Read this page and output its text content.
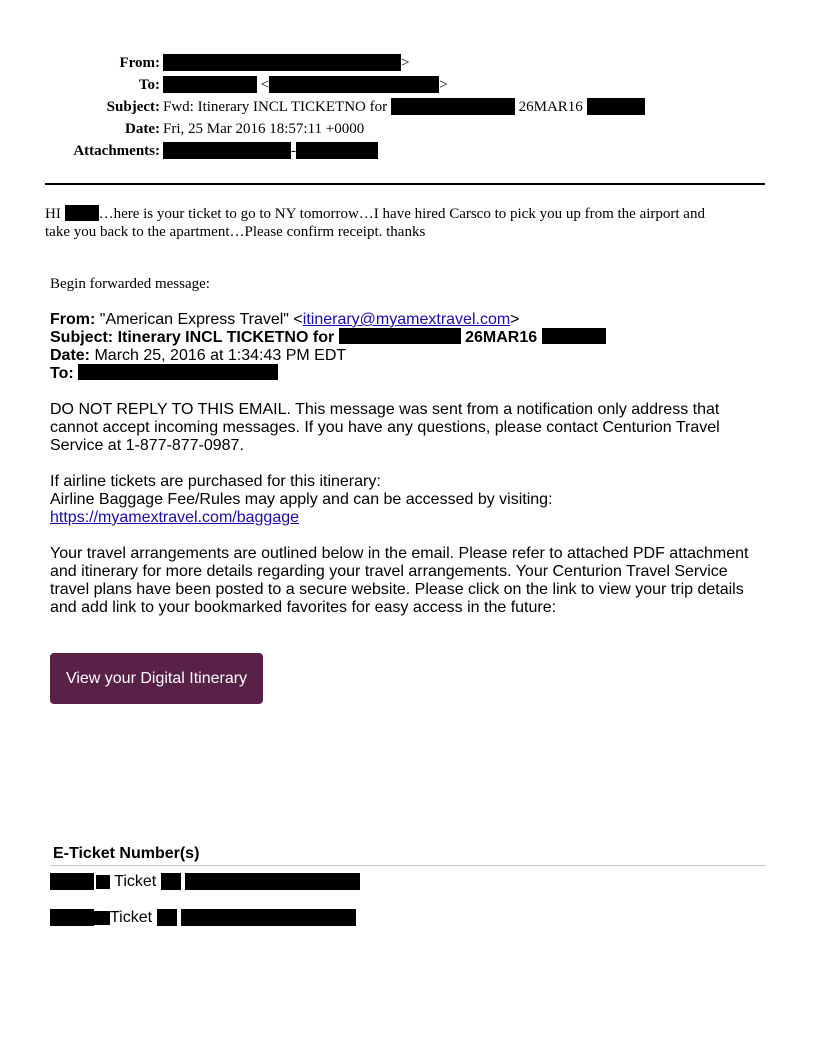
From:	>
To:	<	>
Subject: Fwd: Itinerary INCL TICKETNO for	26MAR16
Date: Fri, 25 Mar 2016 18:57:11 +0000
Attachments:	-
HI	…here is your ticket to go to NY tomorrow…I have hired Carsco to pick you up from the airport and
take you back to the apartment…Please confirm receipt. thanks
Begin forwarded message:
From: "American Express Travel" <itinerary@myamextravel.com>
Subject: Itinerary INCL TICKETNO for	26MAR16
Date: March 25, 2016 at 1:34:43 PM EDT
To:
DO NOT REPLY TO THIS EMAIL. This message was sent from a notification only address that
cannot accept incoming messages. If you have any questions, please contact Centurion Travel
Service at 1-877-877-0987.
If airline tickets are purchased for this itinerary:
Airline Baggage Fee/Rules may apply and can be accessed by visiting:
https://myamextravel.com/baggage
Your travel arrangements are outlined below in the email. Please refer to attached PDF attachment
and itinerary for more details regarding your travel arrangements. Your Centurion Travel Service
travel plans have been posted to a secure website. Please click on the link to view your trip details
and add link to your bookmarked favorites for easy access in the future:
View your Digital Itinerary
E-Ticket Number(s)
Ticket
Ticket
